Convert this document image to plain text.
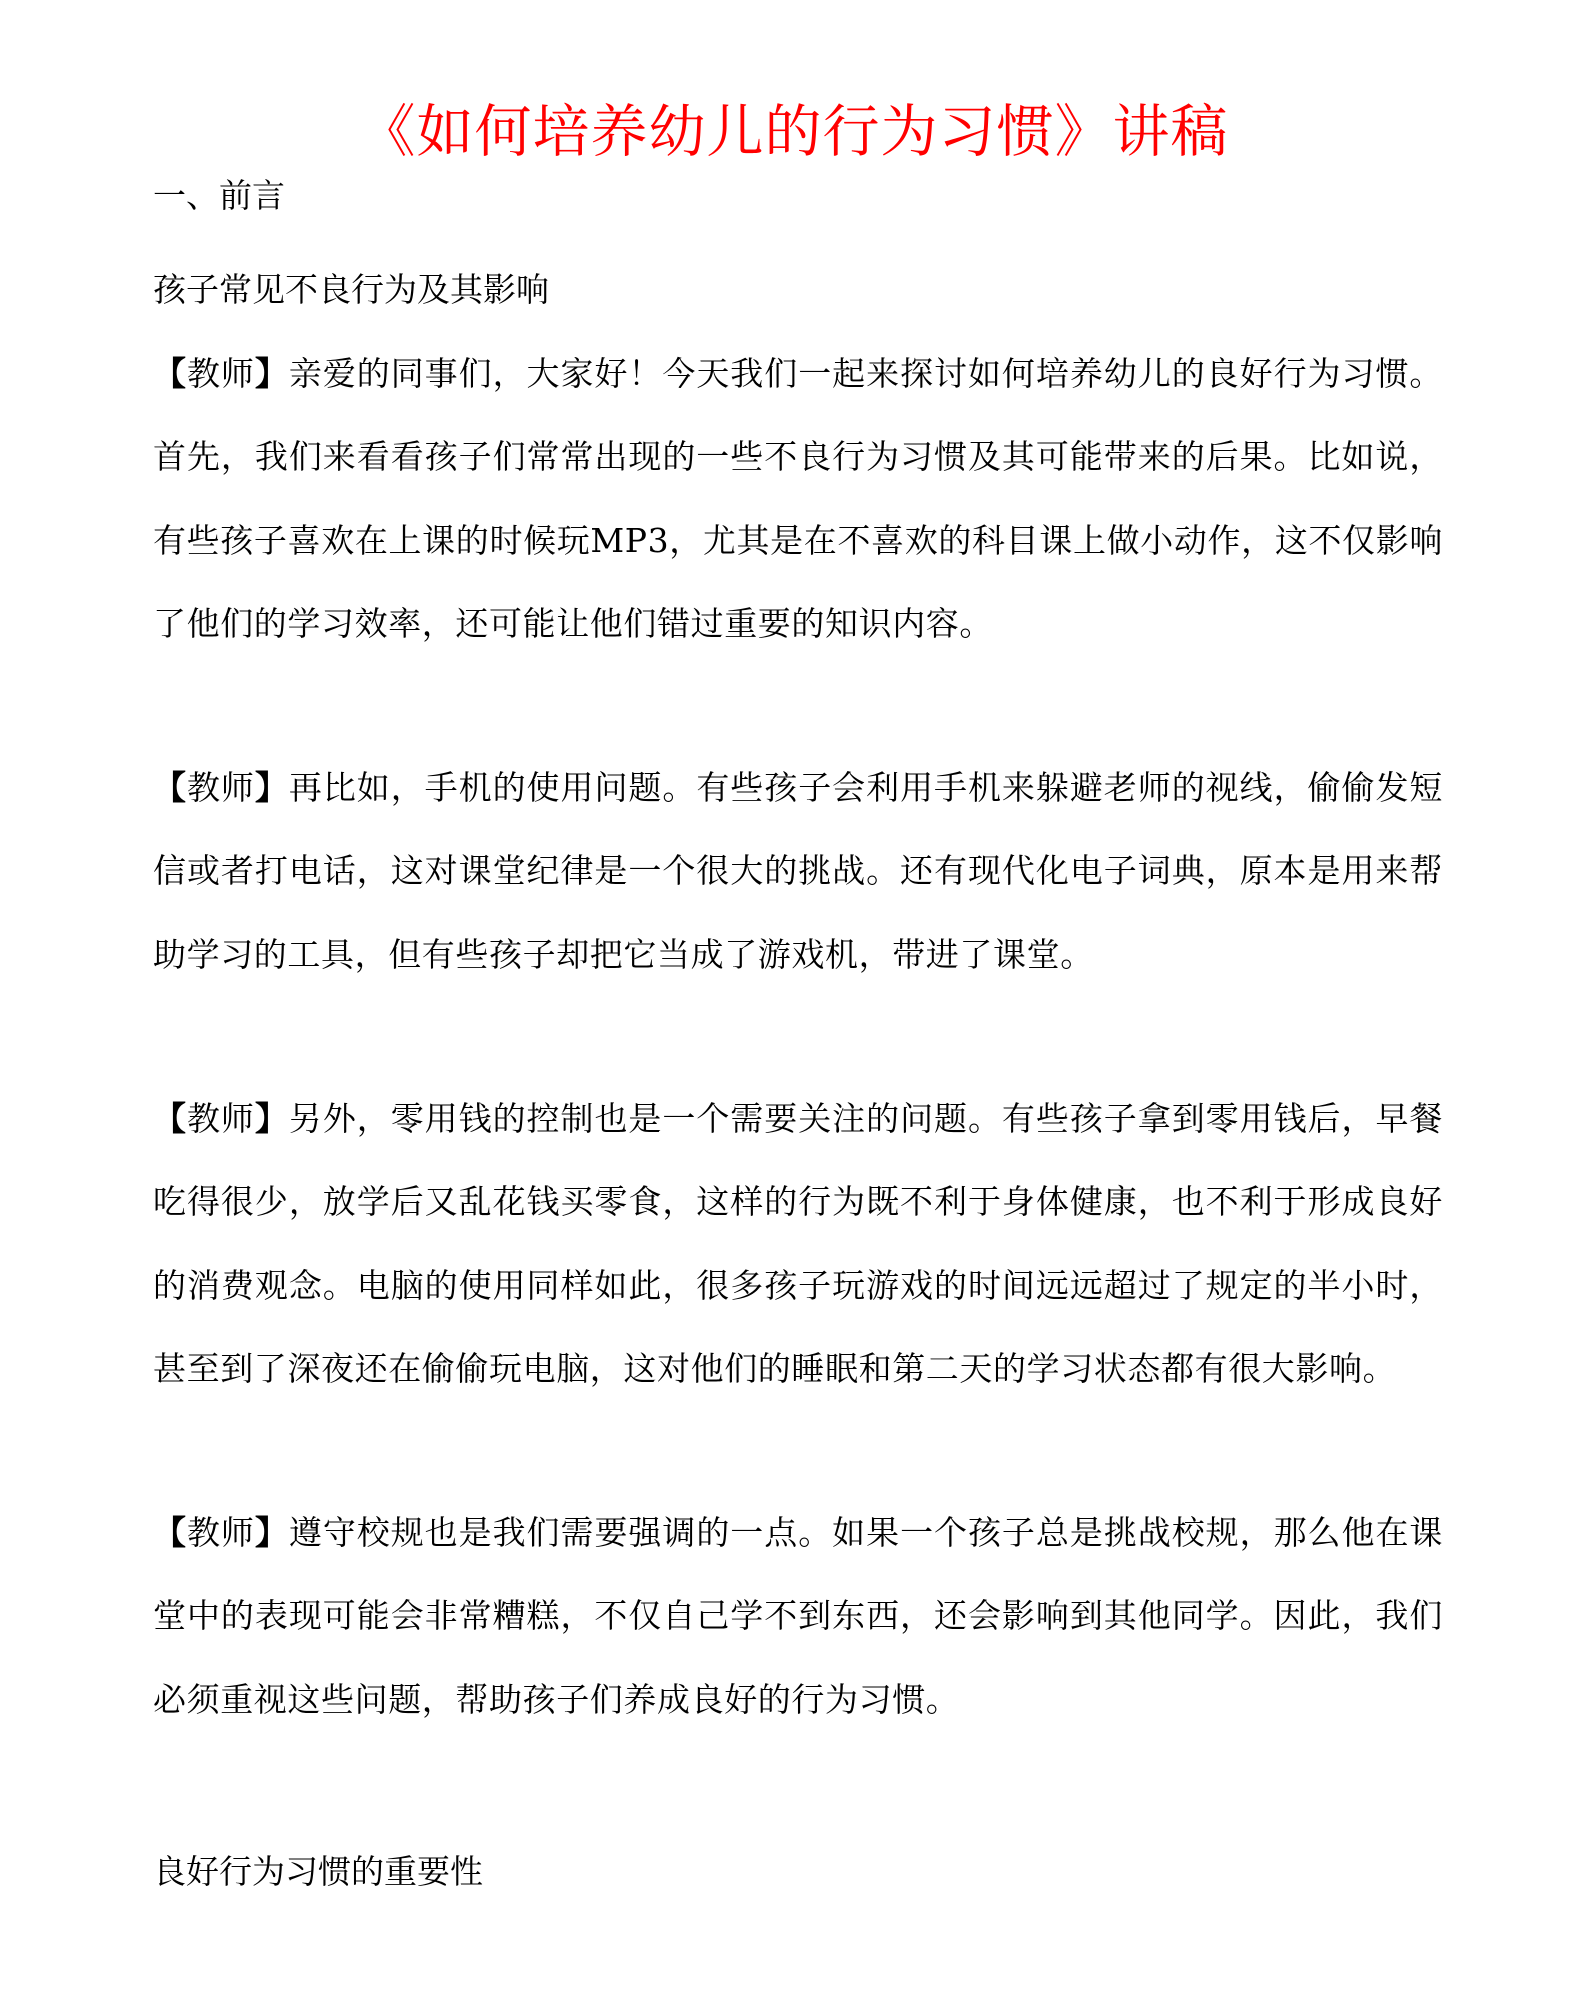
《如何培养幼儿的行为习惯》讲稿
一、前言
孩子常见不良行为及其影响

【教师】亲爱的同事们，大家好！今天我们一起来探讨如何培养幼儿的良好行为习惯。首先，我们来看看孩子们常常出现的一些不良行为习惯及其可能带来的后果。比如说，有些孩子喜欢在上课的时候玩MP3，尤其是在不喜欢的科目课上做小动作，这不仅影响了他们的学习效率，还可能让他们错过重要的知识内容。

【教师】再比如，手机的使用问题。有些孩子会利用手机来躲避老师的视线，偷偷发短信或者打电话，这对课堂纪律是一个很大的挑战。还有现代化电子词典，原本是用来帮助学习的工具，但有些孩子却把它当成了游戏机，带进了课堂。

【教师】另外，零用钱的控制也是一个需要关注的问题。有些孩子拿到零用钱后，早餐吃得很少，放学后又乱花钱买零食，这样的行为既不利于身体健康，也不利于形成良好的消费观念。电脑的使用同样如此，很多孩子玩游戏的时间远远超过了规定的半小时，甚至到了深夜还在偷偷玩电脑，这对他们的睡眠和第二天的学习状态都有很大影响。

【教师】遵守校规也是我们需要强调的一点。如果一个孩子总是挑战校规，那么他在课堂中的表现可能会非常糟糕，不仅自己学不到东西，还会影响到其他同学。因此，我们必须重视这些问题，帮助孩子们养成良好的行为习惯。

良好行为习惯的重要性
